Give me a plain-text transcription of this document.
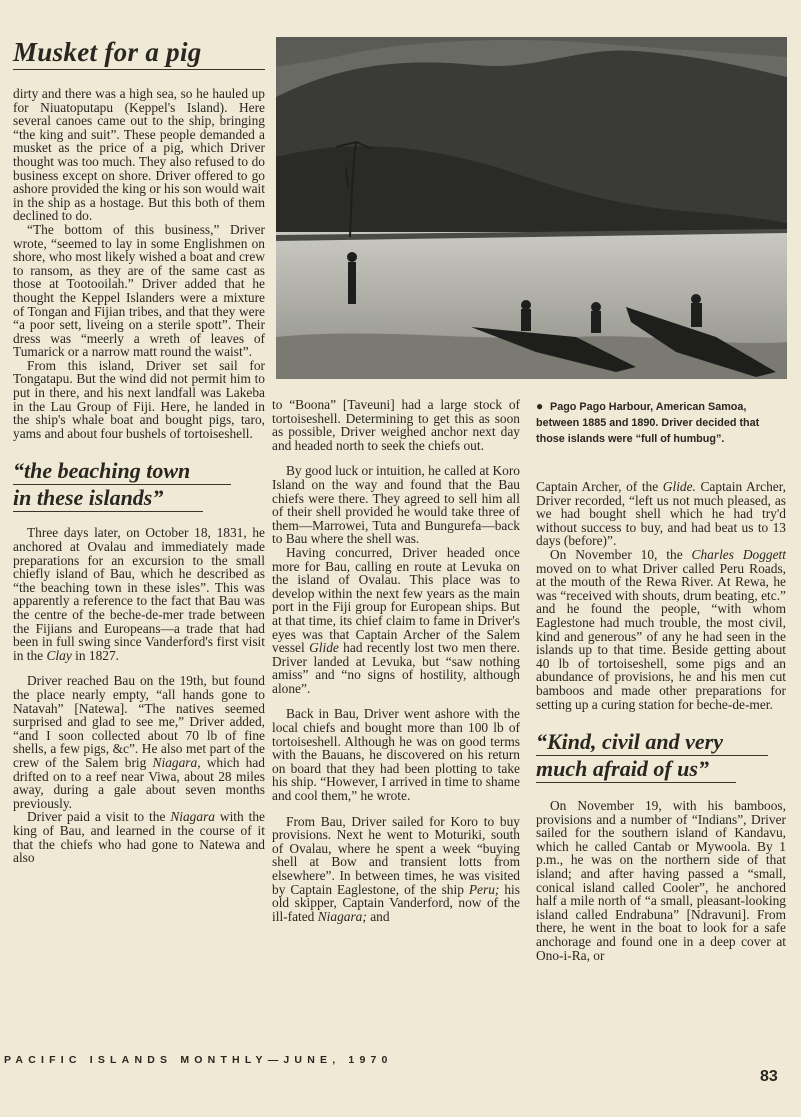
Musket for a pig

dirty and there was a high sea, so he hauled up for Niuatoputapu (Keppel's Island). Here several canoes came out to the ship, bringing “the king and suit”. These people demanded a musket as the price of a pig, which Driver thought was too much. They also refused to do business except on shore. Driver offered to go ashore provided the king or his son would wait in the ship as a hostage. But this both of them declined to do.

“The bottom of this business,” Driver wrote, “seemed to lay in some Englishmen on shore, who most likely wished a boat and crew to ransom, as they are of the same cast as those at Tootooilah.” Driver added that he thought the Keppel Islanders were a mixture of Tongan and Fijian tribes, and that they were “a poor sett, liveing on a sterile spott”. Their dress was “meerly a wreth of leaves of Tumarick or a narrow matt round the waist”.

From this island, Driver set sail for Tongatapu. But the wind did not permit him to put in there, and his next landfall was Lakeba in the Lau Group of Fiji. Here, he landed in the ship's whale boat and bought pigs, taro, yams and about four bushels of tortoiseshell.

“the beaching town
in these islands”

Three days later, on October 18, 1831, he anchored at Ovalau and immediately made preparations for an excursion to the small chiefly island of Bau, which he described as “the beaching town in these isles”. This was apparently a reference to the fact that Bau was the centre of the beche-de-mer trade between the Fijians and Europeans—a trade that had been in full swing since Vanderford's first visit in the Clay in 1827.

Driver reached Bau on the 19th, but found the place nearly empty, “all hands gone to Natavah” [Natewa]. “The natives seemed surprised and glad to see me,” Driver added, “and I soon collected about 70 lb of fine shells, a few pigs, &c”. He also met part of the crew of the Salem brig Niagara, which had drifted on to a reef near Viwa, about 28 miles away, during a gale about seven months previously.

Driver paid a visit to the Niagara with the king of Bau, and learned in the course of it that the chiefs who had gone to Natewa and also

to “Boona” [Taveuni] had a large stock of tortoiseshell. Determining to get this as soon as possible, Driver weighed anchor next day and headed north to seek the chiefs out.

By good luck or intuition, he called at Koro Island on the way and found that the Bau chiefs were there. They agreed to sell him all of their shell provided he would take three of them—Marrowei, Tuta and Bungurefa—back to Bau where the shell was.

Having concurred, Driver headed once more for Bau, calling en route at Levuka on the island of Ovalau. This place was to develop within the next few years as the main port in the Fiji group for European ships. But at that time, its chief claim to fame in Driver's eyes was that Captain Archer of the Salem vessel Glide had recently lost two men there. Driver landed at Levuka, but “saw nothing amiss” and “no signs of hostility, although alone”.

Back in Bau, Driver went ashore with the local chiefs and bought more than 100 lb of tortoiseshell. Although he was on good terms with the Bauans, he discovered on his return on board that they had been plotting to take his ship. “However, I arrived in time to shame and cool them,” he wrote.

From Bau, Driver sailed for Koro to buy provisions. Next he went to Moturiki, south of Ovalau, where he spent a week “buying shell at Bow and transient lotts from elsewhere”. In between times, he was visited by Captain Eaglestone, of the ship Peru; his old skipper, Captain Vanderford, now of the ill-fated Niagara; and

● Pago Pago Harbour, American Samoa, between 1885 and 1890. Driver decided that those islands were “full of humbug”.

Captain Archer, of the Glide. Captain Archer, Driver recorded, “left us not much pleased, as we had bought shell which he had try'd without success to buy, and had beat us to 13 days (before)”.

On November 10, the Charles Doggett moved on to what Driver called Peru Roads, at the mouth of the Rewa River. At Rewa, he was “received with shouts, drum beating, etc.” and he found the people, “with whom Eaglestone had much trouble, the most civil, kind and generous” of any he had seen in the islands up to that time. Beside getting about 40 lb of tortoiseshell, some pigs and an abundance of provisions, he and his men cut bamboos and made other preparations for setting up a curing station for beche-de-mer.

“Kind, civil and very
much afraid of us”

On November 19, with his bamboos, provisions and a number of “Indians”, Driver sailed for the southern island of Kandavu, which he called Cantab or Mywoola. By 1 p.m., he was on the northern side of that island; and after having passed a “small, conical island called Cooler”, he anchored half a mile north of “a small, pleasant-looking island called Endrabuna” [Ndravuni]. From there, he went in the boat to look for a safe anchorage and found one in a deep cover at Ono-i-Ra, or

PACIFIC ISLANDS MONTHLY—JUNE, 1970
83
